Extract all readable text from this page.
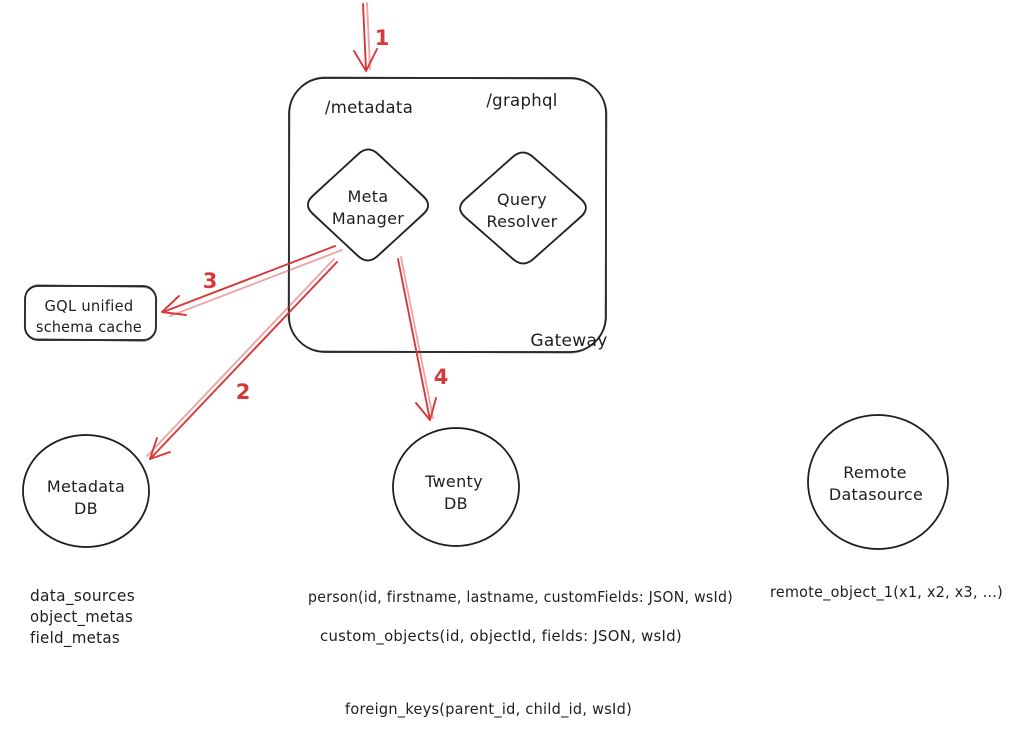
/metadata	/graphql
Gateway
Meta
Manager
Query
Resolver
GQL unified
schema cache
Metadata
DB
Twenty
DB
Remote
Datasource
1
3
2
4
data_sources
object_metas
field_metas
person(id, firstname, lastname, customFields: JSON, wsId)
custom_objects(id, objectId, fields: JSON, wsId)
foreign_keys(parent_id, child_id, wsId)
remote_object_1(x1, x2, x3, ...)
